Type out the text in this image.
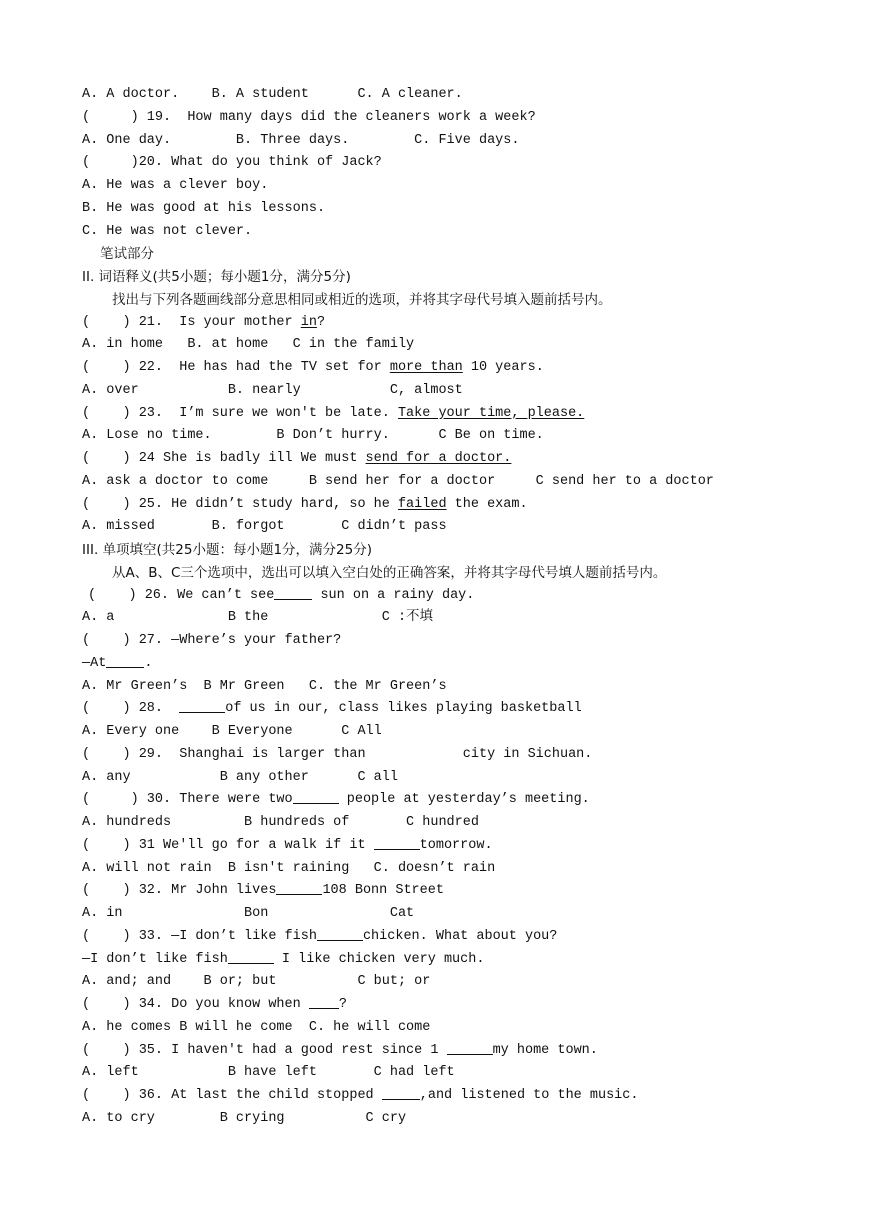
A. A doctor.    B. A student      C. A cleaner.
(     ) 19.  How many days did the cleaners work a week?
A. One day.        B. Three days.        C. Five days.
(     )20. What do you think of Jack?
A. He was a clever boy.
B. He was good at his lessons.
C. He was not clever.
笔试部分
II. 词语释义(共5小题；每小题1分，满分5分)
找出与下列各题画线部分意思相同或相近的选项，并将其字母代号填入题前括号内。
(    ) 21.  Is your mother in?
A. in home   B. at home   C in the family
(    ) 22.  He has had the TV set for more than 10 years.
A. over           B. nearly           C, almost
(    ) 23.  I’m sure we won't be late. Take your time, please.
A. Lose no time.        B Don’t hurry.      C Be on time.
(    ) 24 She is badly ill We must send for a doctor.
A. ask a doctor to come     B send her for a doctor     C send her to a doctor
(    ) 25. He didn’t study hard, so he failed the exam.
A. missed       B. forgot       C didn’t pass
III. 单项填空(共25小题：每小题1分，满分25分)
从A、B、C三个选项中，选出可以填入空白处的正确答案，并将其字母代号填人题前括号内。
(    ) 26. We can’t see	sun on a rainy day.
A. a              B the              C :不填
(    ) 27. —Where’s your father?
—At	.
A. Mr Green’s  B Mr Green   C. the Mr Green’s
(    ) 28.	of us in our, class likes playing basketball
A. Every one    B Everyone      C All
(    ) 29.  Shanghai is larger than            city in Sichuan.
A. any           B any other      C all
(     ) 30. There were two	people at yesterday’s meeting.
A. hundreds         B hundreds of       C hundred
(    ) 31 We'll go for a walk if it	tomorrow.
A. will not rain  B isn't raining   C. doesn’t rain
(    ) 32. Mr John lives	108 Bonn Street
A. in               Bon               Cat
(    ) 33. —I don’t like fish	chicken. What about you?
—I don’t like fish	I like chicken very much.
A. and; and    B or; but          C but; or
(    ) 34. Do you know when ?
A. he comes B will he come  C. he will come
(    ) 35. I haven't had a good rest since 1	my home town.
A. left           B have left       C had left
(    ) 36. At last the child stopped	,and listened to the music.
A. to cry        B crying          C cry
